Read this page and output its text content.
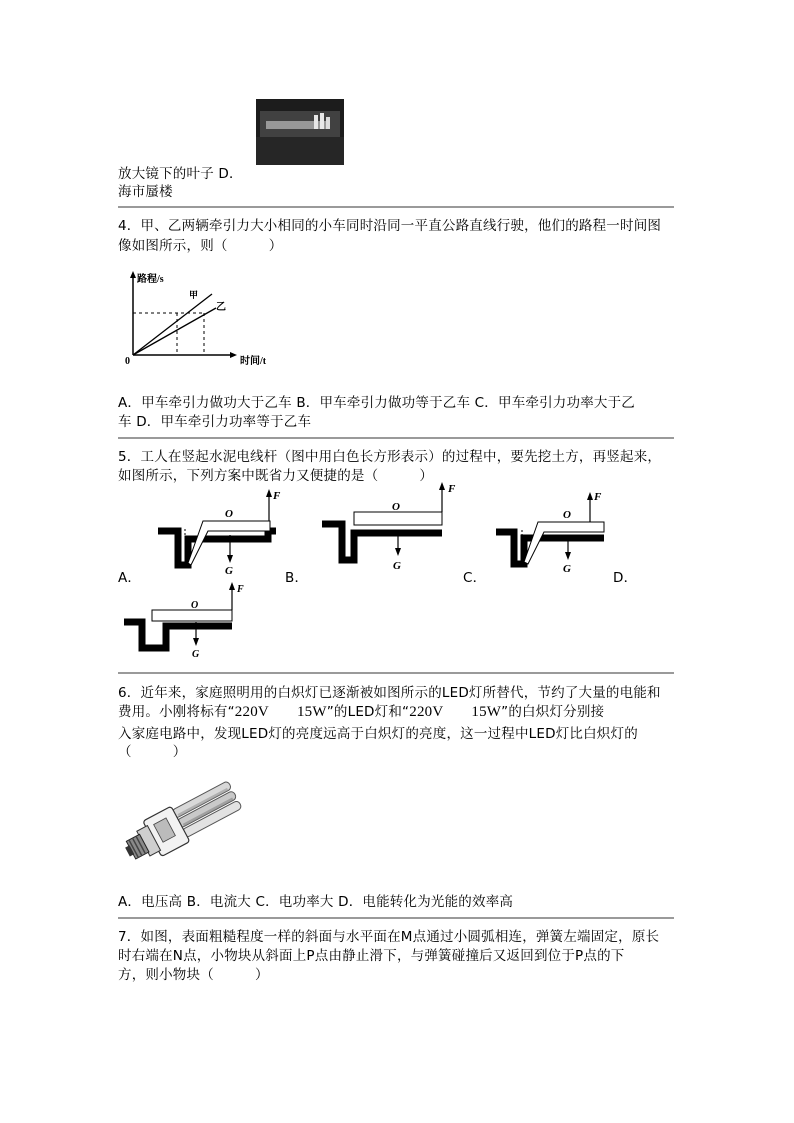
放大镜下的叶子 D．
海市蜃楼
4．甲、乙两辆牵引力大小相同的小车同时沿同一平直公路直线行驶，他们的路程一时间图
像如图所示，则（　　　）
路程/s
甲
乙
0	时间/t
A．甲车牵引力做功大于乙车 B．甲车牵引力做功等于乙车 C．甲车牵引力功率大于乙
车 D．甲车牵引力功率等于乙车
5．工人在竖起水泥电线杆（图中用白色长方形表示）的过程中，要先挖土方，再竖起来，
如图所示，下列方案中既省力又便捷的是（　　　）
O
F
G
A．
O
F
G
B．
O
F
G
C．	D．
O
F
G
6．近年来，家庭照明用的白炽灯已逐渐被如图所示的LED灯所替代，节约了大量的电能和
费用。小刚将标有“220V 15W”的LED灯和“220V 15W”的白炽灯分别接
入家庭电路中，发现LED灯的亮度远高于白炽灯的亮度，这一过程中LED灯比白炽灯的
（　　　）
A．电压高 B．电流大 C．电功率大 D．电能转化为光能的效率高
7．如图，表面粗糙程度一样的斜面与水平面在M点通过小圆弧相连，弹簧左端固定，原长
时右端在N点，小物块从斜面上P点由静止滑下，与弹簧碰撞后又返回到位于P点的下
方，则小物块（　　　）
